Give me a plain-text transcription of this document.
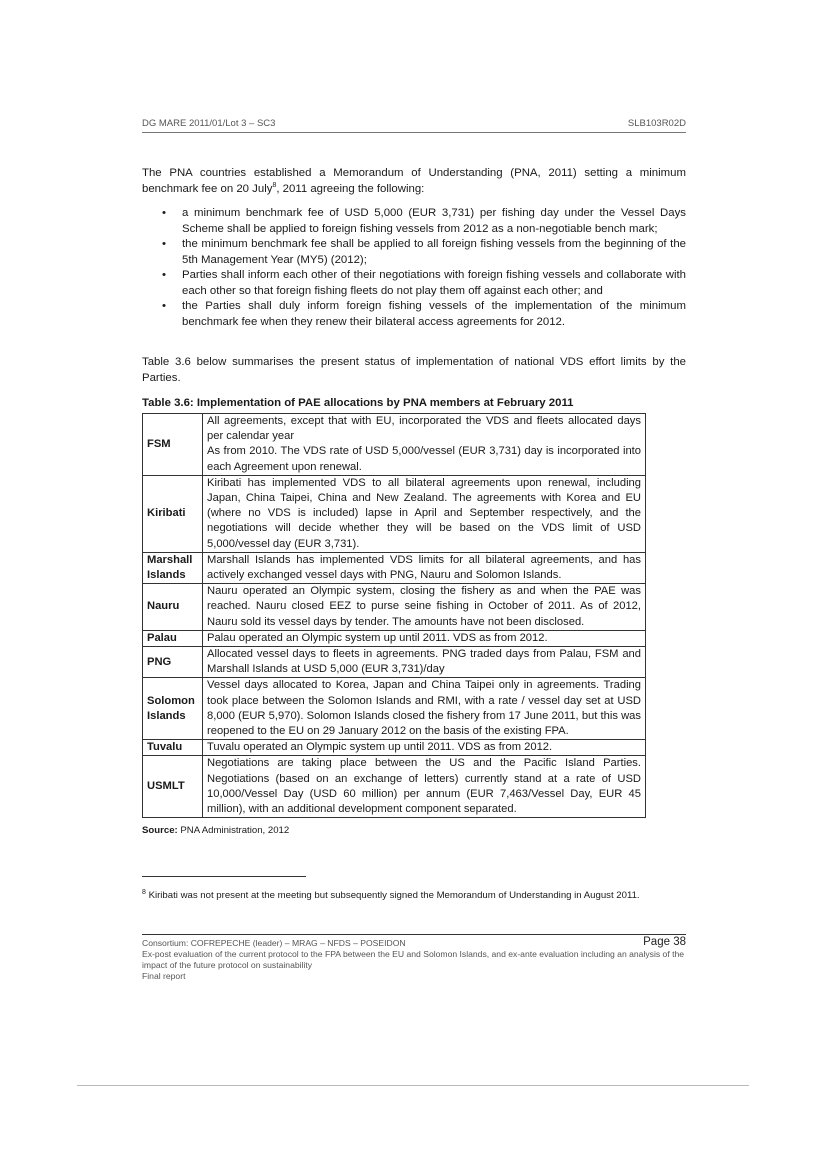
DG MARE 2011/01/Lot 3 – SC3	SLB103R02D
The PNA countries established a Memorandum of Understanding (PNA, 2011) setting a minimum benchmark fee on 20 July$^8$, 2011 agreeing the following:
• a minimum benchmark fee of USD 5,000 (EUR 3,731) per fishing day under the Vessel Days Scheme shall be applied to foreign fishing vessels from 2012 as a non-negotiable bench mark;
• the minimum benchmark fee shall be applied to all foreign fishing vessels from the beginning of the 5th Management Year (MY5) (2012);
• Parties shall inform each other of their negotiations with foreign fishing vessels and collaborate with each other so that foreign fishing fleets do not play them off against each other; and
• the Parties shall duly inform foreign fishing vessels of the implementation of the minimum benchmark fee when they renew their bilateral access agreements for 2012.
Table 3.6 below summarises the present status of implementation of national VDS effort limits by the Parties.
Table 3.6: Implementation of PAE allocations by PNA members at February 2011
FSM	All agreements, except that with EU, incorporated the VDS and fleets allocated days per calendar year
As from 2010. The VDS rate of USD 5,000/vessel (EUR 3,731) day is incorporated into each Agreement upon renewal.

Kiribati	Kiribati has implemented VDS to all bilateral agreements upon renewal, including Japan, China Taipei, China and New Zealand. The agreements with Korea and EU (where no VDS is included) lapse in April and September respectively, and the negotiations will decide whether they will be based on the VDS limit of USD 5,000/vessel day (EUR 3,731).
Marshall Islands	Marshall Islands has implemented VDS limits for all bilateral agreements, and has actively exchanged vessel days with PNG, Nauru and Solomon Islands.
Nauru	Nauru operated an Olympic system, closing the fishery as and when the PAE was reached. Nauru closed EEZ to purse seine fishing in October of 2011. As of 2012, Nauru sold its vessel days by tender. The amounts have not been disclosed.
Palau	Palau operated an Olympic system up until 2011. VDS as from 2012.
PNG	Allocated vessel days to fleets in agreements. PNG traded days from Palau, FSM and Marshall Islands at USD 5,000 (EUR 3,731)/day
Solomon Islands	Vessel days allocated to Korea, Japan and China Taipei only in agreements. Trading took place between the Solomon Islands and RMI, with a rate / vessel day set at USD 8,000 (EUR 5,970). Solomon Islands closed the fishery from 17 June 2011, but this was reopened to the EU on 29 January 2012 on the basis of the existing FPA.
Tuvalu	Tuvalu operated an Olympic system up until 2011. VDS as from 2012.
USMLT	Negotiations are taking place between the US and the Pacific Island Parties. Negotiations (based on an exchange of letters) currently stand at a rate of USD 10,000/Vessel Day (USD 60 million) per annum (EUR 7,463/Vessel Day, EUR 45 million), with an additional development component separated.
Source: PNA Administration, 2012
$^8$ Kiribati was not present at the meeting but subsequently signed the Memorandum of Understanding in August 2011.
Consortium: COFREPECHE (leader) – MRAG – NFDS – POSEIDON	Page 38
Ex-post evaluation of the current protocol to the FPA between the EU and Solomon Islands, and ex-ante evaluation including an analysis of the impact of the future protocol on sustainability
Final report
